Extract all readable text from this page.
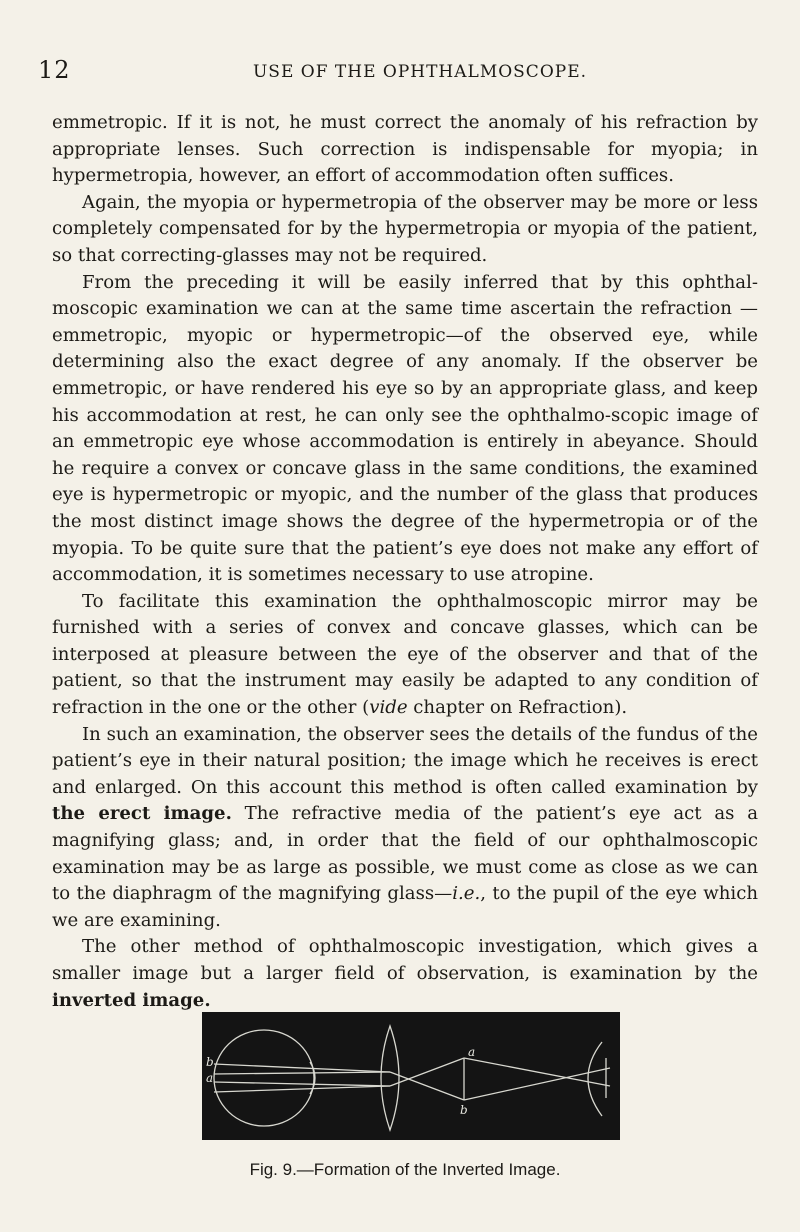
12	USE OF THE OPHTHALMOSCOPE.

emmetropic. If it is not, he must correct the anomaly of his refraction by appropriate lenses. Such correction is indispensable for myopia; in hypermetropia, however, an effort of accommodation often suffices.

Again, the myopia or hypermetropia of the observer may be more or less completely compensated for by the hypermetropia or myopia of the patient, so that correcting-glasses may not be required.

From the preceding it will be easily inferred that by this ophthal-moscopic examination we can at the same time ascertain the refraction —emmetropic, myopic or hypermetropic—of the observed eye, while determining also the exact degree of any anomaly. If the observer be emmetropic, or have rendered his eye so by an appropriate glass, and keep his accommodation at rest, he can only see the ophthalmo-scopic image of an emmetropic eye whose accommodation is entirely in abeyance. Should he require a convex or concave glass in the same conditions, the examined eye is hypermetropic or myopic, and the number of the glass that produces the most distinct image shows the degree of the hypermetropia or of the myopia. To be quite sure that the patient’s eye does not make any effort of accommodation, it is sometimes necessary to use atropine.

To facilitate this examination the ophthalmoscopic mirror may be furnished with a series of convex and concave glasses, which can be interposed at pleasure between the eye of the observer and that of the patient, so that the instrument may easily be adapted to any condition of refraction in the one or the other (vide chapter on Refraction).

In such an examination, the observer sees the details of the fundus of the patient’s eye in their natural position; the image which he receives is erect and enlarged. On this account this method is often called examination by the erect image. The refractive media of the patient’s eye act as a magnifying glass; and, in order that the field of our ophthalmoscopic examination may be as large as possible, we must come as close as we can to the diaphragm of the magnifying glass—i.e., to the pupil of the eye which we are examining.

The other method of ophthalmoscopic investigation, which gives a smaller image but a larger field of observation, is examination by the inverted image.

b
a
a
b
Fig. 9.—Formation of the Inverted Image.
